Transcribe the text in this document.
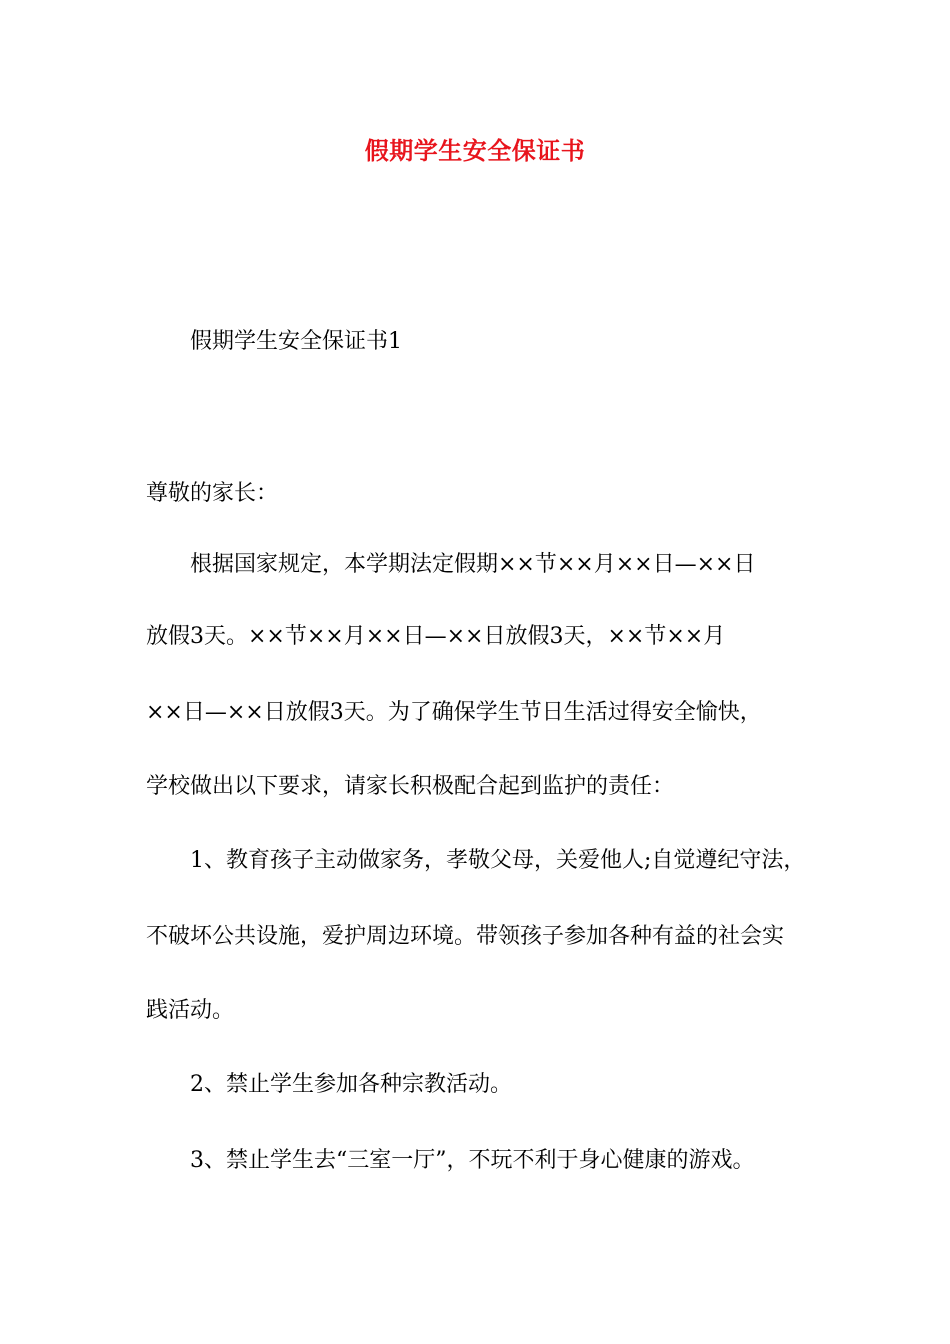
假期学生安全保证书
假期学生安全保证书1
尊敬的家长：
根据国家规定，本学期法定假期××节××月××日—××日
放假3天。××节××月××日—××日放假3天，××节××月
××日—××日放假3天。为了确保学生节日生活过得安全愉快，
学校做出以下要求，请家长积极配合起到监护的责任：
1、教育孩子主动做家务，孝敬父母，关爱他人;自觉遵纪守法，
不破坏公共设施，爱护周边环境。带领孩子参加各种有益的社会实
践活动。
2、禁止学生参加各种宗教活动。
3、禁止学生去“三室一厅”，不玩不利于身心健康的游戏。
